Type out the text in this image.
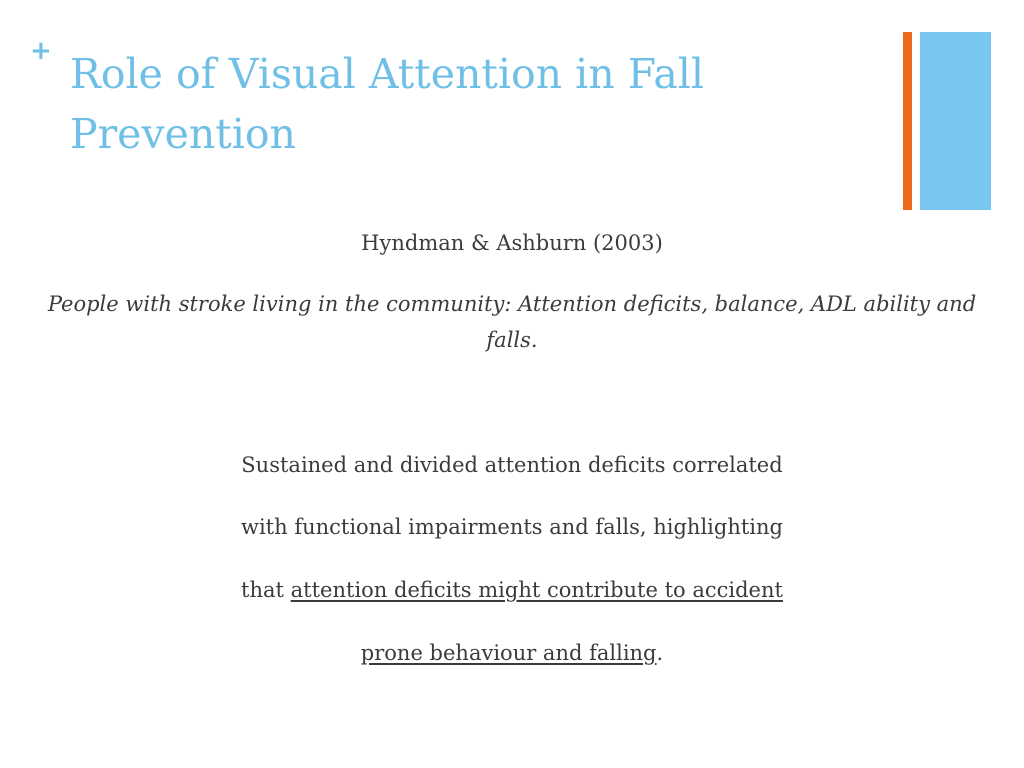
+ Role of Visual Attention in Fall Prevention
Hyndman & Ashburn (2003)
People with stroke living in the community: Attention deficits, balance, ADL ability and falls.
Sustained and divided attention deficits correlated
with functional impairments and falls, highlighting
that attention deficits might contribute to accident
prone behaviour and falling.
